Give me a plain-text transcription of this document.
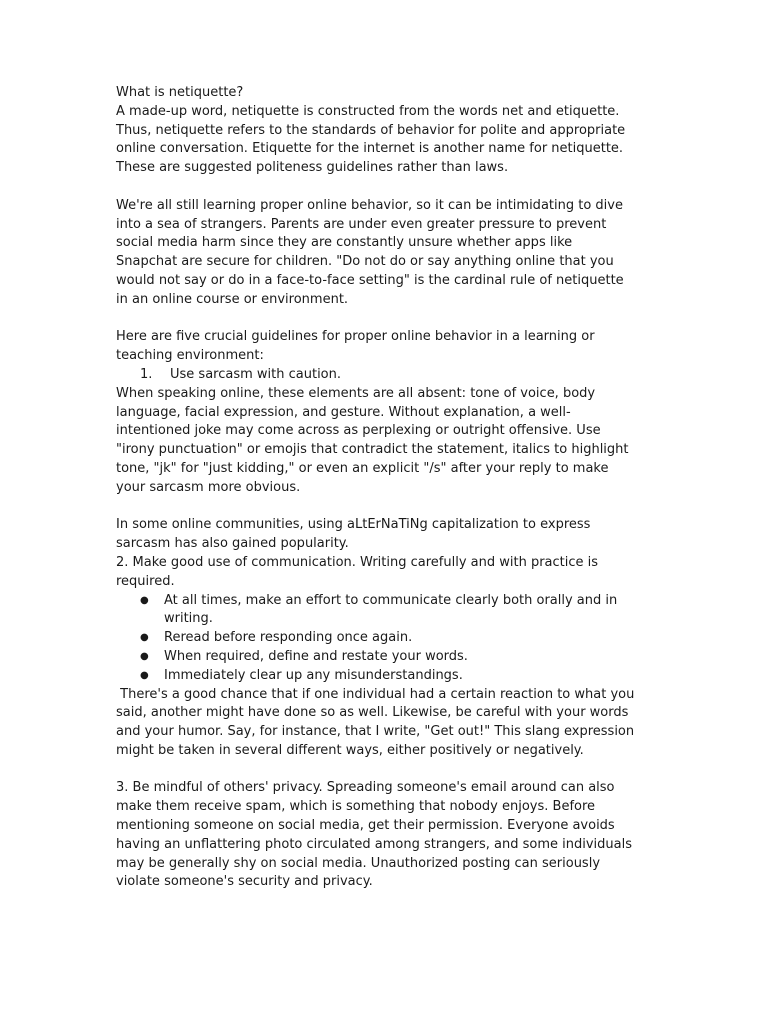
What is netiquette?

A made-up word, netiquette is constructed from the words net and etiquette. Thus, netiquette refers to the standards of behavior for polite and appropriate online conversation. Etiquette for the internet is another name for netiquette. These are suggested politeness guidelines rather than laws.

We're all still learning proper online behavior, so it can be intimidating to dive into a sea of strangers. Parents are under even greater pressure to prevent social media harm since they are constantly unsure whether apps like Snapchat are secure for children. "Do not do or say anything online that you would not say or do in a face-to-face setting" is the cardinal rule of netiquette in an online course or environment.

Here are five crucial guidelines for proper online behavior in a learning or teaching environment:

1. Use sarcasm with caution.

When speaking online, these elements are all absent: tone of voice, body language, facial expression, and gesture. Without explanation, a well-intentioned joke may come across as perplexing or outright offensive. Use "irony punctuation" or emojis that contradict the statement, italics to highlight tone, "jk" for "just kidding," or even an explicit "/s" after your reply to make your sarcasm more obvious.

In some online communities, using aLtErNaTiNg capitalization to express sarcasm has also gained popularity.

2. Make good use of communication. Writing carefully and with practice is required.

● At all times, make an effort to communicate clearly both orally and in writing.
● Reread before responding once again.
● When required, define and restate your words.
● Immediately clear up any misunderstandings.

There's a good chance that if one individual had a certain reaction to what you said, another might have done so as well. Likewise, be careful with your words and your humor. Say, for instance, that I write, "Get out!" This slang expression might be taken in several different ways, either positively or negatively.

3. Be mindful of others' privacy. Spreading someone's email around can also make them receive spam, which is something that nobody enjoys. Before mentioning someone on social media, get their permission. Everyone avoids having an unflattering photo circulated among strangers, and some individuals may be generally shy on social media. Unauthorized posting can seriously violate someone's security and privacy.
